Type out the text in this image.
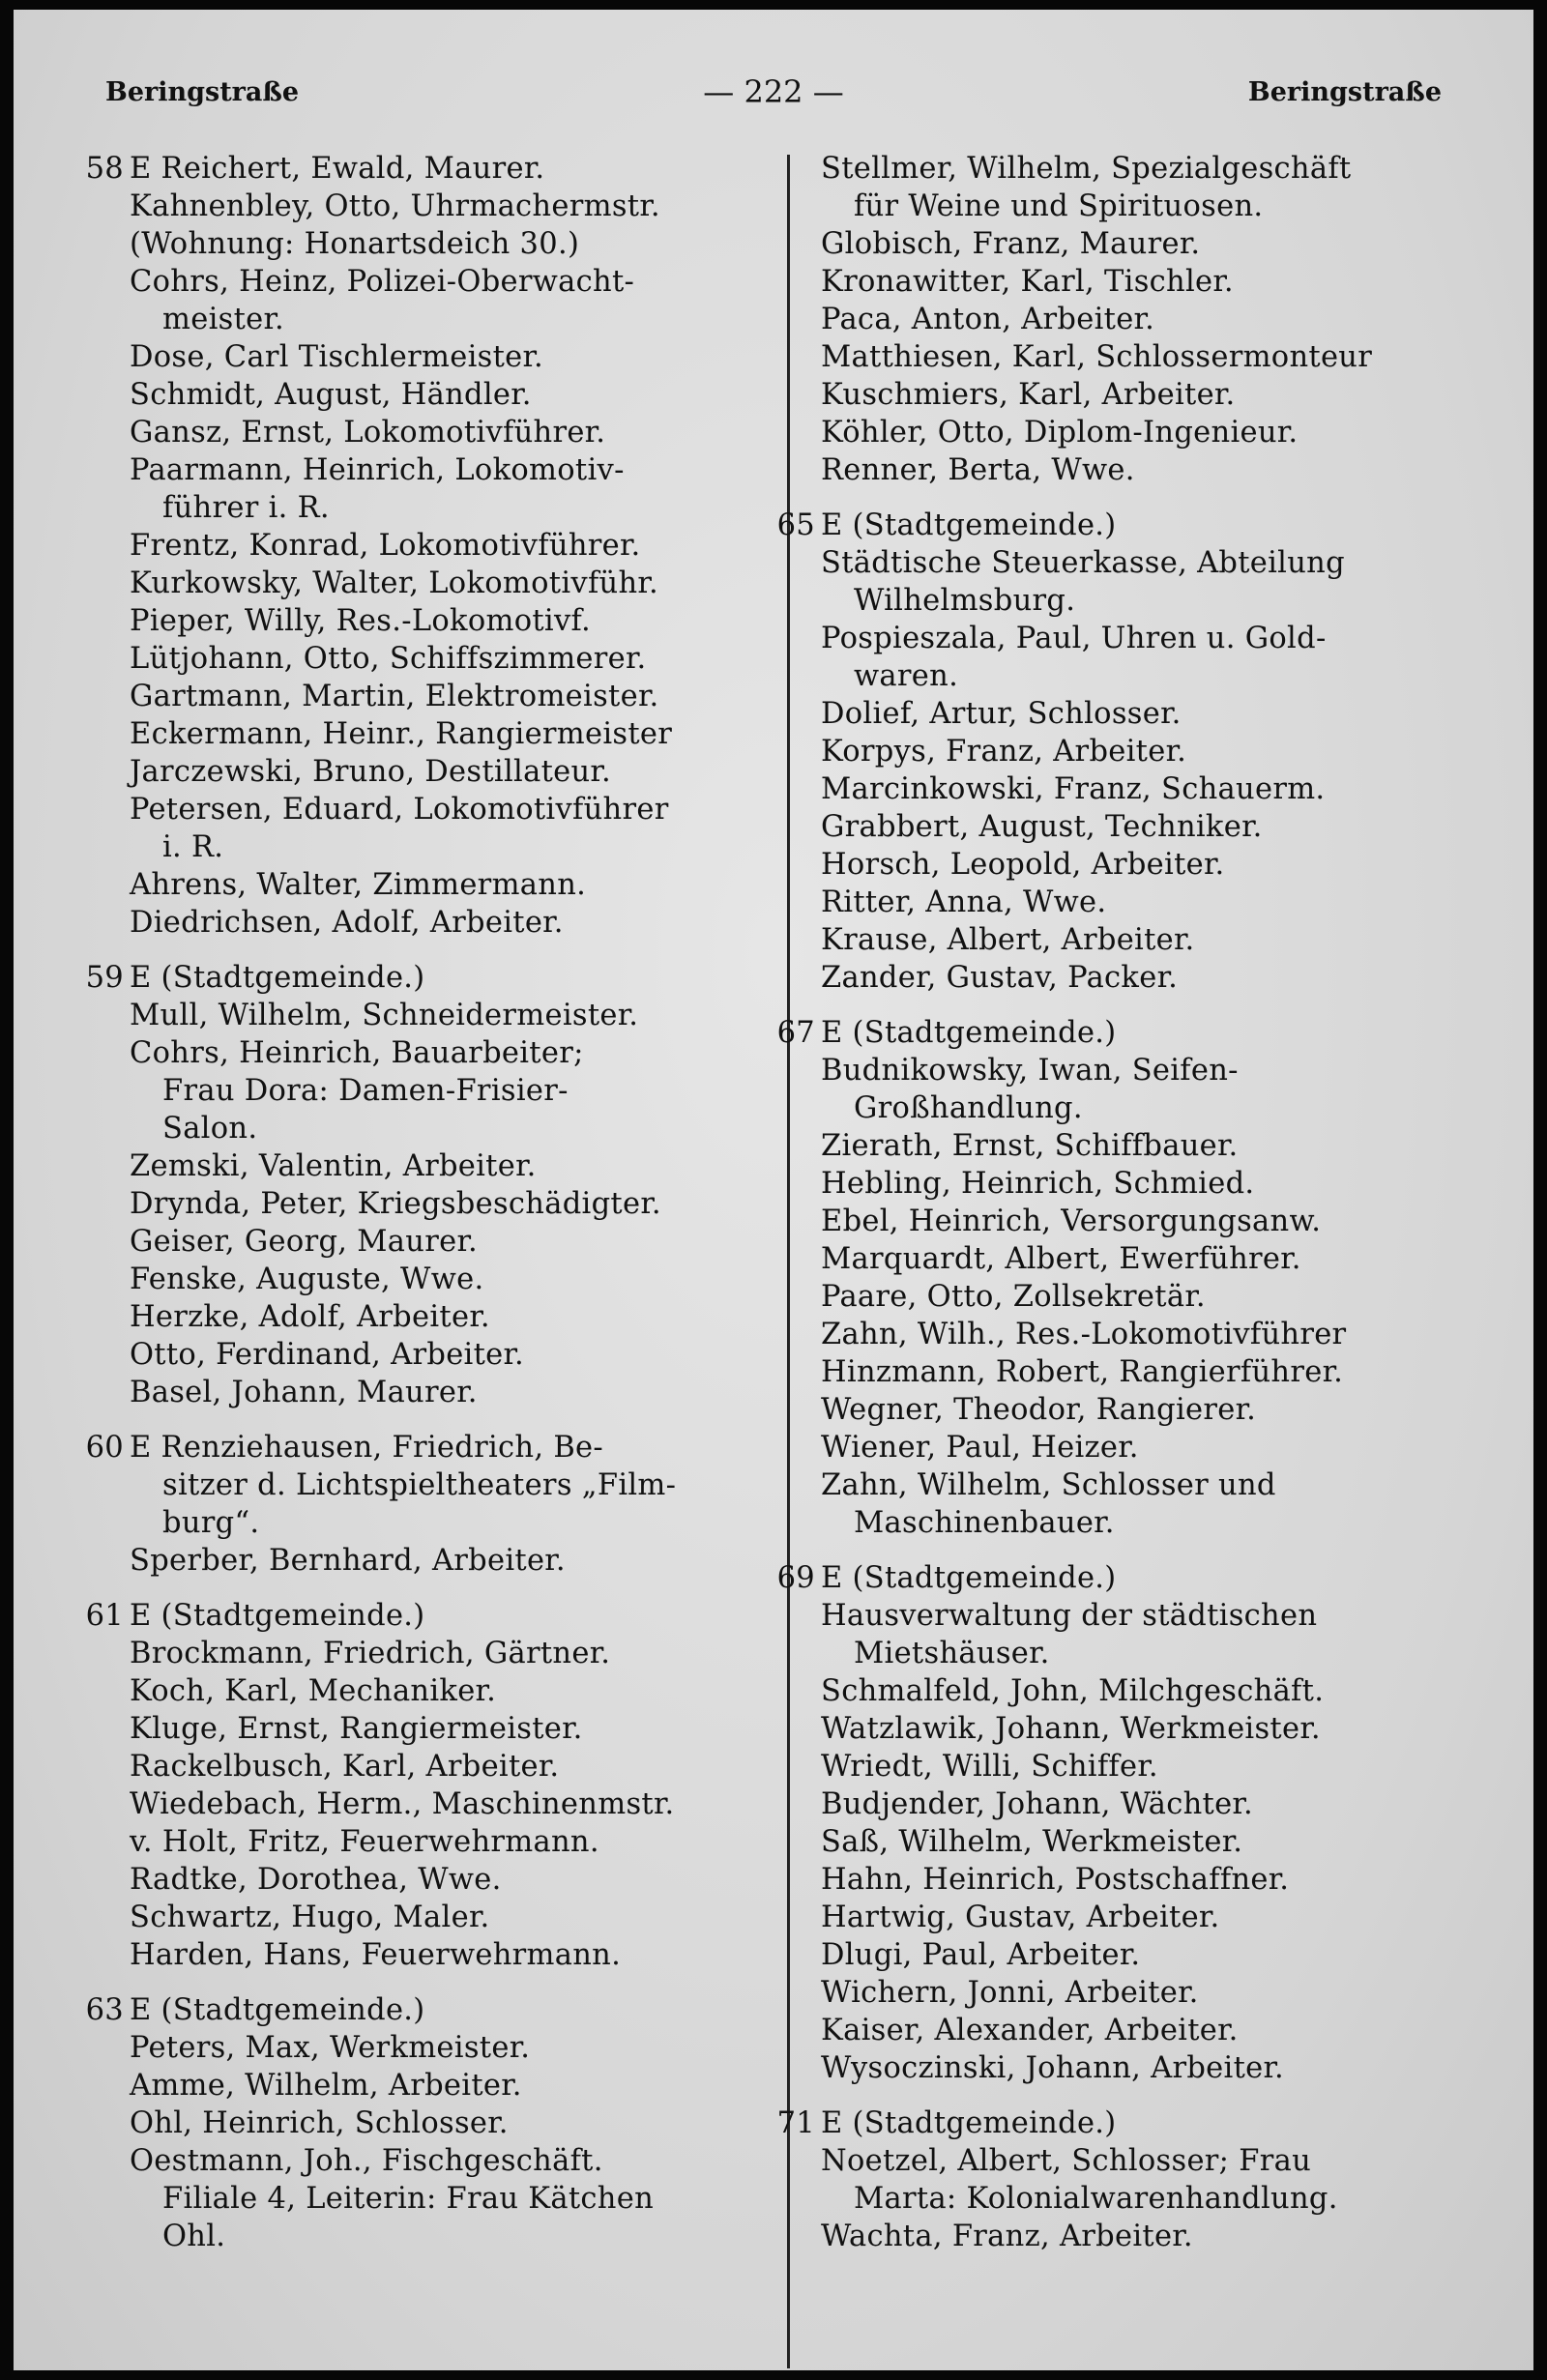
Beringstraße	— 222 —	Beringstraße
58 E Reichert, Ewald, Maurer.
Kahnenbley, Otto, Uhrmachermstr.
(Wohnung: Honartsdeich 30.)
Cohrs, Heinz, Polizei-Oberwacht-
meister.
Dose, Carl Tischlermeister.
Schmidt, August, Händler.
Gansz, Ernst, Lokomotivführer.
Paarmann, Heinrich, Lokomotiv-
führer i. R.
Frentz, Konrad, Lokomotivführer.
Kurkowsky, Walter, Lokomotivführ.
Pieper, Willy, Res.-Lokomotivf.
Lütjohann, Otto, Schiffszimmerer.
Gartmann, Martin, Elektromeister.
Eckermann, Heinr., Rangiermeister
Jarczewski, Bruno, Destillateur.
Petersen, Eduard, Lokomotivführer
i. R.
Ahrens, Walter, Zimmermann.
Diedrichsen, Adolf, Arbeiter.
59 E (Stadtgemeinde.)
Mull, Wilhelm, Schneidermeister.
Cohrs, Heinrich, Bauarbeiter;
Frau Dora: Damen-Frisier-
Salon.
Zemski, Valentin, Arbeiter.
Drynda, Peter, Kriegsbeschädigter.
Geiser, Georg, Maurer.
Fenske, Auguste, Wwe.
Herzke, Adolf, Arbeiter.
Otto, Ferdinand, Arbeiter.
Basel, Johann, Maurer.
60 E Renziehausen, Friedrich, Be-
sitzer d. Lichtspieltheaters „Film-
burg“.
Sperber, Bernhard, Arbeiter.
61 E (Stadtgemeinde.)
Brockmann, Friedrich, Gärtner.
Koch, Karl, Mechaniker.
Kluge, Ernst, Rangiermeister.
Rackelbusch, Karl, Arbeiter.
Wiedebach, Herm., Maschinenmstr.
v. Holt, Fritz, Feuerwehrmann.
Radtke, Dorothea, Wwe.
Schwartz, Hugo, Maler.
Harden, Hans, Feuerwehrmann.
63 E (Stadtgemeinde.)
Peters, Max, Werkmeister.
Amme, Wilhelm, Arbeiter.
Ohl, Heinrich, Schlosser.
Oestmann, Joh., Fischgeschäft.
Filiale 4, Leiterin: Frau Kätchen
Ohl.
Stellmer, Wilhelm, Spezialgeschäft
für Weine und Spirituosen.
Globisch, Franz, Maurer.
Kronawitter, Karl, Tischler.
Paca, Anton, Arbeiter.
Matthiesen, Karl, Schlossermonteur
Kuschmiers, Karl, Arbeiter.
Köhler, Otto, Diplom-Ingenieur.
Renner, Berta, Wwe.
65 E (Stadtgemeinde.)
Städtische Steuerkasse, Abteilung
Wilhelmsburg.
Pospieszala, Paul, Uhren u. Gold-
waren.
Dolief, Artur, Schlosser.
Korpys, Franz, Arbeiter.
Marcinkowski, Franz, Schauerm.
Grabbert, August, Techniker.
Horsch, Leopold, Arbeiter.
Ritter, Anna, Wwe.
Krause, Albert, Arbeiter.
Zander, Gustav, Packer.
67 E (Stadtgemeinde.)
Budnikowsky, Iwan, Seifen-
Großhandlung.
Zierath, Ernst, Schiffbauer.
Hebling, Heinrich, Schmied.
Ebel, Heinrich, Versorgungsanw.
Marquardt, Albert, Ewerführer.
Paare, Otto, Zollsekretär.
Zahn, Wilh., Res.-Lokomotivführer
Hinzmann, Robert, Rangierführer.
Wegner, Theodor, Rangierer.
Wiener, Paul, Heizer.
Zahn, Wilhelm, Schlosser und
Maschinenbauer.
69 E (Stadtgemeinde.)
Hausverwaltung der städtischen
Mietshäuser.
Schmalfeld, John, Milchgeschäft.
Watzlawik, Johann, Werkmeister.
Wriedt, Willi, Schiffer.
Budjender, Johann, Wächter.
Saß, Wilhelm, Werkmeister.
Hahn, Heinrich, Postschaffner.
Hartwig, Gustav, Arbeiter.
Dlugi, Paul, Arbeiter.
Wichern, Jonni, Arbeiter.
Kaiser, Alexander, Arbeiter.
Wysoczinski, Johann, Arbeiter.
71 E (Stadtgemeinde.)
Noetzel, Albert, Schlosser; Frau
Marta: Kolonialwarenhandlung.
Wachta, Franz, Arbeiter.
